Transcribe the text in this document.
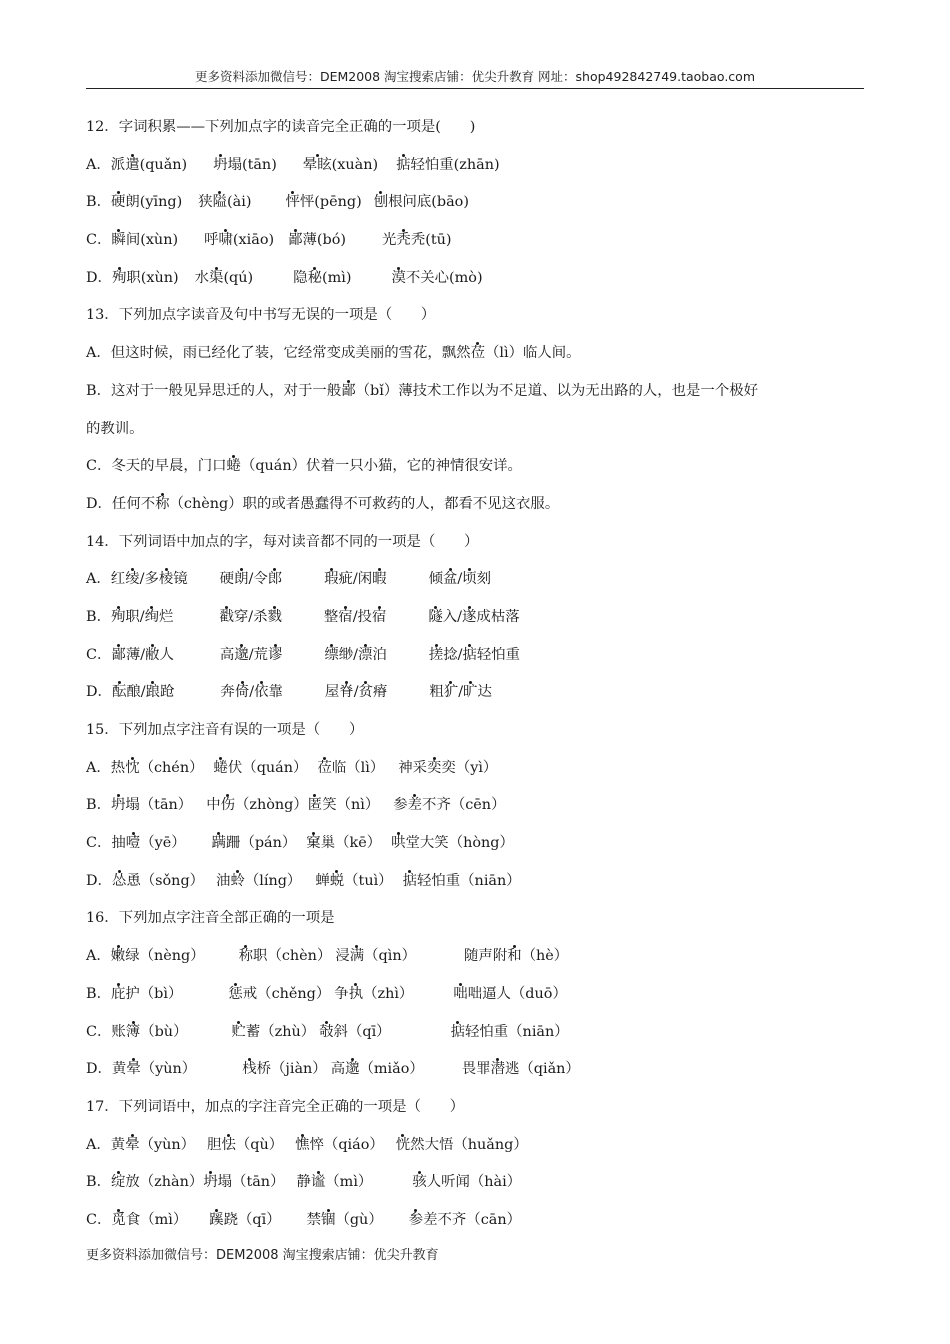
更多资料添加微信号：DEM2008 淘宝搜索店铺：优尖升教育 网址：shop492842749.taobao.com
12．字词积累——下列加点字的读音完全正确的一项是(　　)
A．派遣(quǎn) 坍塌(tān) 晕眩(xuàn) 掂轻怕重(zhān)
B．硬朗(yīng) 狭隘(ài) 怦怦(pēng) 刨根问底(bāo)
C．瞬间(xùn) 呼啸(xiāo) 鄙薄(bó)	光秃秃(tū)
D．殉职(xùn) 水渠(qú)	隐秘(mì)	漠不关心(mò)
13．下列加点字读音及句中书写无误的一项是（　　）
A．但这时候，雨已经化了装，它经常变成美丽的雪花，飘然莅（lì）临人间。
B．这对于一般见异思迁的人，对于一般鄙（bǐ）薄技术工作以为不足道、以为无出路的人，也是一个极好
的教训。
C．冬天的早晨，门口蜷（quán）伏着一只小猫，它的神情很安详。
D．任何不称（chèng）职的或者愚蠢得不可救药的人，都看不见这衣服。
14．下列词语中加点的字，每对读音都不同的一项是（　　）
A．红绫/多棱镜 硬朗/令郎	瑕疵/闲暇	倾盆/顷刻
B．殉职/绚烂	戳穿/杀戮	整宿/投宿	隧入/遂成枯落
C．鄙薄/敝人	高邈/荒谬	缥缈/漂泊	搓捻/掂轻怕重
D．酝酿/踉跄	奔倚/依靠	屋脊/贫瘠	粗犷/旷达
15．下列加点字注音有误的一项是（　　）
A．热忱（chén） 蜷伏（quán） 莅临（lì） 神采奕奕（yì）
B．坍塌（tān） 中伤（zhòng）匿笑（nì） 参差不齐（cēn）
C．抽噎（yē） 蹒跚（pán） 窠巢（kē） 哄堂大笑（hòng）
D．怂恿（sǒng） 油蛉（líng） 蝉蜕（tuì） 掂轻怕重（niān）
16．下列加点字注音全部正确的一项是
A．嫩绿（nèng） 称职（chèn） 浸满（qìn）	随声附和（hè）
B．庇护（bì）	惩戒（chěng） 争执（zhì）	咄咄逼人（duō）
C．账簿（bù）	贮蓄（zhù） 攲斜（qī）	掂轻怕重（niān）
D．黄晕（yùn）	栈桥（jiàn） 高邈（miǎo）	畏罪潜逃（qiǎn）
17．下列词语中，加点的字注音完全正确的一项是（　　）
A．黄晕（yùn） 胆怯（qù） 憔悴（qiáo） 恍然大悟（huǎng）
B．绽放（zhàn）坍塌（tān） 静谧（mì）	骇人听闻（hài）
C．觅食（mì） 蹊跷（qī） 禁锢（gù） 参差不齐（cān）
更多资料添加微信号：DEM2008 淘宝搜索店铺：优尖升教育
